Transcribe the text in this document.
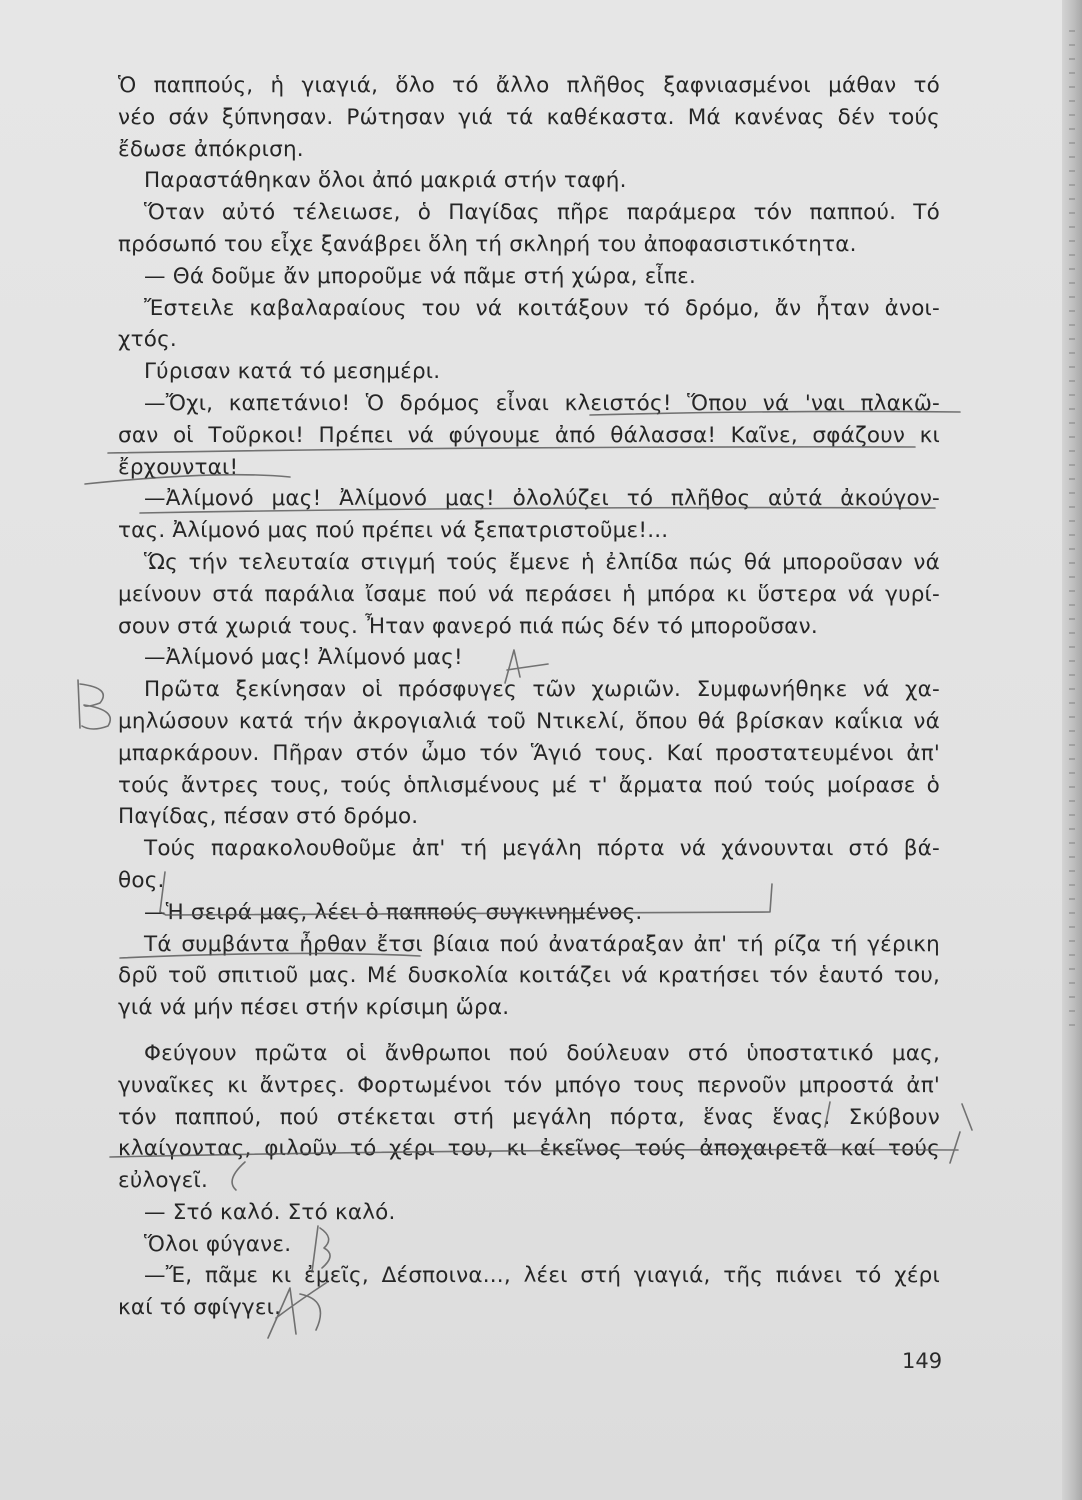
Ὁ παππούς, ἡ γιαγιά, ὅλο τό ἄλλο πλῆθος ξαφνιασμένοι μάθαν τό
νέο σάν ξύπνησαν. Ρώτησαν γιά τά καθέκαστα. Μά κανένας δέν τούς
ἔδωσε ἀπόκριση.
Παραστάθηκαν ὅλοι ἀπό μακριά στήν ταφή.
Ὅταν αὐτό τέλειωσε, ὁ Παγίδας πῆρε παράμερα τόν παππού. Τό
πρόσωπό του εἶχε ξανάβρει ὅλη τή σκληρή του ἀποφασιστικότητα.
— Θά δοῦμε ἄν μποροῦμε νά πᾶμε στή χώρα, εἶπε.
Ἔστειλε καβαλαραίους του νά κοιτάξουν τό δρόμο, ἄν ἦταν ἀνοι-
χτός.
Γύρισαν κατά τό μεσημέρι.
—Ὄχι, καπετάνιο! Ὁ δρόμος εἶναι κλειστός! Ὅπου νά 'ναι πλακῶ-
σαν οἱ Τοῦρκοι! Πρέπει νά φύγουμε ἀπό θάλασσα! Καῖνε, σφάζουν κι
ἔρχουνται!
—Ἀλίμονό μας! Ἀλίμονό μας! ὀλολύζει τό πλῆθος αὐτά ἀκούγον-
τας. Ἀλίμονό μας πού πρέπει νά ξεπατριστοῦμε!...
Ὥς τήν τελευταία στιγμή τούς ἔμενε ἡ ἐλπίδα πώς θά μποροῦσαν νά
μείνουν στά παράλια ἴσαμε πού νά περάσει ἡ μπόρα κι ὕστερα νά γυρί-
σουν στά χωριά τους. Ἦταν φανερό πιά πώς δέν τό μποροῦσαν.
—Ἀλίμονό μας! Ἀλίμονό μας!
Πρῶτα ξεκίνησαν οἱ πρόσφυγες τῶν χωριῶν. Συμφωνήθηκε νά χα-
μηλώσουν κατά τήν ἀκρογιαλιά τοῦ Ντικελί, ὅπου θά βρίσκαν καΐκια νά
μπαρκάρουν. Πῆραν στόν ὦμο τόν Ἅγιό τους. Καί προστατευμένοι ἀπ'
τούς ἄντρες τους, τούς ὁπλισμένους μέ τ' ἄρματα πού τούς μοίρασε ὁ
Παγίδας, πέσαν στό δρόμο.
Τούς παρακολουθοῦμε ἀπ' τή μεγάλη πόρτα νά χάνουνται στό βά-
θος.
—Ἡ σειρά μας, λέει ὁ παππούς συγκινημένος.
Τά συμβάντα ἦρθαν ἔτσι βίαια πού ἀνατάραξαν ἀπ' τή ρίζα τή γέρικη
δρῦ τοῦ σπιτιοῦ μας. Μέ δυσκολία κοιτάζει νά κρατήσει τόν ἑαυτό του,
γιά νά μήν πέσει στήν κρίσιμη ὥρα.
Φεύγουν πρῶτα οἱ ἄνθρωποι πού δούλευαν στό ὑποστατικό μας,
γυναῖκες κι ἄντρες. Φορτωμένοι τόν μπόγο τους περνοῦν μπροστά ἀπ'
τόν παππού, πού στέκεται στή μεγάλη πόρτα, ἕνας ἕνας. Σκύβουν
κλαίγοντας, φιλοῦν τό χέρι του, κι ἐκεῖνος τούς ἀποχαιρετᾶ καί τούς
εὐλογεῖ.
— Στό καλό. Στό καλό.
Ὅλοι φύγανε.
—Ἔ, πᾶμε κι ἐμεῖς, Δέσποινα..., λέει στή γιαγιά, τῆς πιάνει τό χέρι
καί τό σφίγγει.
149
